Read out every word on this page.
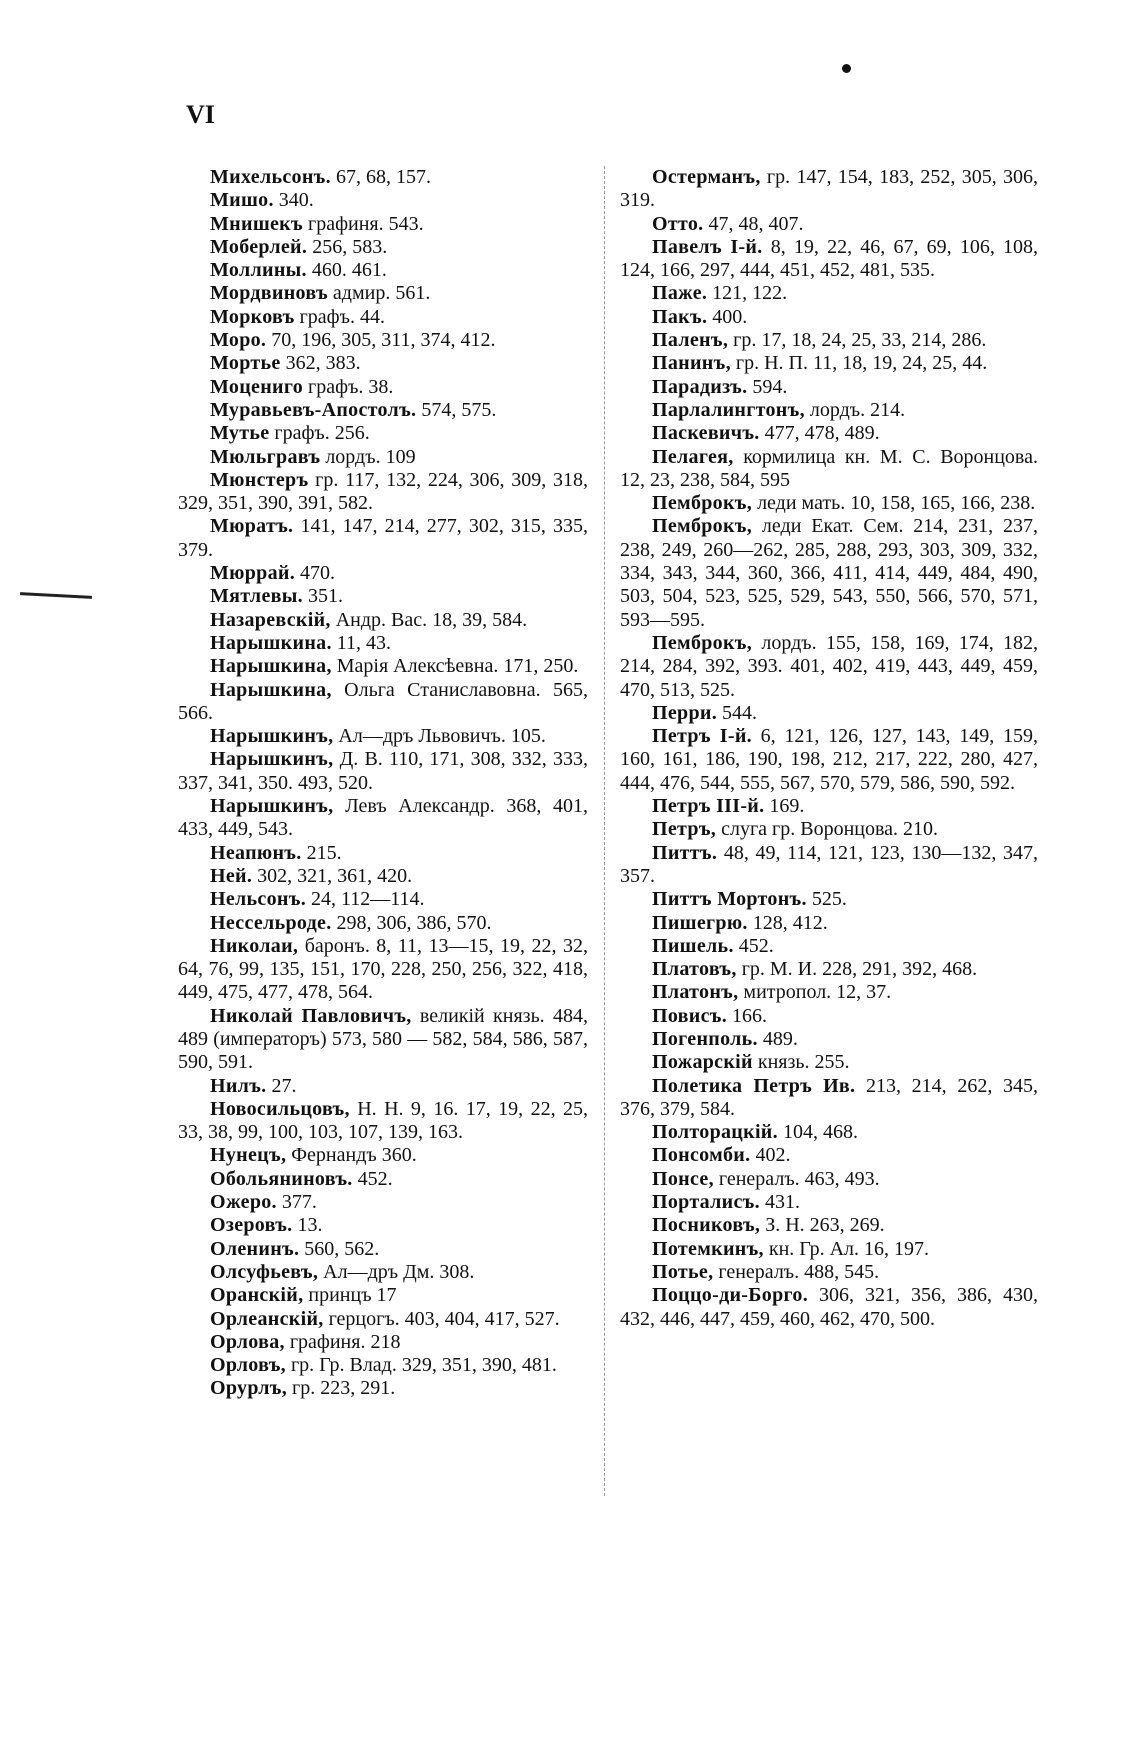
VI
Михельсонъ. 67, 68, 157.
Мишо. 340.
Мнишекъ графиня. 543.
Моберлей. 256, 583.
Моллины. 460. 461.
Мордвиновъ адмир. 561.
Морковъ графъ. 44.
Моро. 70, 196, 305, 311, 374, 412.
Мортье 362, 383.
Моцениго графъ. 38.
Муравьевъ-Апостолъ. 574, 575.
Мутье графъ. 256.
Мюльгравъ лордъ. 109
Мюнстеръ гр. 117, 132, 224, 306, 309, 318, 329, 351, 390, 391, 582.
Мюратъ. 141, 147, 214, 277, 302, 315, 335, 379.
Мюррай. 470.
Мятлевы. 351.
Назаревскій, Андр. Вас. 18, 39, 584.
Нарышкина. 11, 43.
Нарышкина, Марія Алексѣевна. 171, 250.
Нарышкина, Ольга Станиславовна. 565, 566.
Нарышкинъ, Ал—дръ Львовичъ. 105.
Нарышкинъ, Д. В. 110, 171, 308, 332, 333, 337, 341, 350. 493, 520.
Нарышкинъ, Левъ Александр. 368, 401, 433, 449, 543.
Неапюнъ. 215.
Ней. 302, 321, 361, 420.
Нельсонъ. 24, 112—114.
Нессельроде. 298, 306, 386, 570.
Николаи, баронъ. 8, 11, 13—15, 19, 22, 32, 64, 76, 99, 135, 151, 170, 228, 250, 256, 322, 418, 449, 475, 477, 478, 564.
Николай Павловичъ, великій князь. 484, 489 (императоръ) 573, 580 — 582, 584, 586, 587, 590, 591.
Нилъ. 27.
Новосильцовъ, Н. Н. 9, 16. 17, 19, 22, 25, 33, 38, 99, 100, 103, 107, 139, 163.
Нунецъ, Фернандъ 360.
Обольяниновъ. 452.
Ожеро. 377.
Озеровъ. 13.
Оленинъ. 560, 562.
Олсуфьевъ, Ал—дръ Дм. 308.
Оранскій, принцъ 17
Орлеанскій, герцогъ. 403, 404, 417, 527.
Орлова, графиня. 218
Орловъ, гр. Гр. Влад. 329, 351, 390, 481.
Орурлъ, гр. 223, 291.
Остерманъ, гр. 147, 154, 183, 252, 305, 306, 319.
Отто. 47, 48, 407.
Павелъ I-й. 8, 19, 22, 46, 67, 69, 106, 108, 124, 166, 297, 444, 451, 452, 481, 535.
Паже. 121, 122.
Пакъ. 400.
Паленъ, гр. 17, 18, 24, 25, 33, 214, 286.
Панинъ, гр. Н. П. 11, 18, 19, 24, 25, 44.
Парадизъ. 594.
Парлалингтонъ, лордъ. 214.
Паскевичъ. 477, 478, 489.
Пелагея, кормилица кн. М. С. Воронцова. 12, 23, 238, 584, 595
Пемброкъ, леди мать. 10, 158, 165, 166, 238.
Пемброкъ, леди Екат. Сем. 214, 231, 237, 238, 249, 260—262, 285, 288, 293, 303, 309, 332, 334, 343, 344, 360, 366, 411, 414, 449, 484, 490, 503, 504, 523, 525, 529, 543, 550, 566, 570, 571, 593—595.
Пемброкъ, лордъ. 155, 158, 169, 174, 182, 214, 284, 392, 393. 401, 402, 419, 443, 449, 459, 470, 513, 525.
Перри. 544.
Петръ I-й. 6, 121, 126, 127, 143, 149, 159, 160, 161, 186, 190, 198, 212, 217, 222, 280, 427, 444, 476, 544, 555, 567, 570, 579, 586, 590, 592.
Петръ III-й. 169.
Петръ, слуга гр. Воронцова. 210.
Питтъ. 48, 49, 114, 121, 123, 130—132, 347, 357.
Питтъ Мортонъ. 525.
Пишегрю. 128, 412.
Пишель. 452.
Платовъ, гр. М. И. 228, 291, 392, 468.
Платонъ, митропол. 12, 37.
Повисъ. 166.
Погенполь. 489.
Пожарскій князь. 255.
Полетика Петръ Ив. 213, 214, 262, 345, 376, 379, 584.
Полторацкій. 104, 468.
Понсомби. 402.
Понсе, генералъ. 463, 493.
Порталисъ. 431.
Посниковъ, З. Н. 263, 269.
Потемкинъ, кн. Гр. Ал. 16, 197.
Потье, генералъ. 488, 545.
Поццо-ди-Борго. 306, 321, 356, 386, 430, 432, 446, 447, 459, 460, 462, 470, 500.
